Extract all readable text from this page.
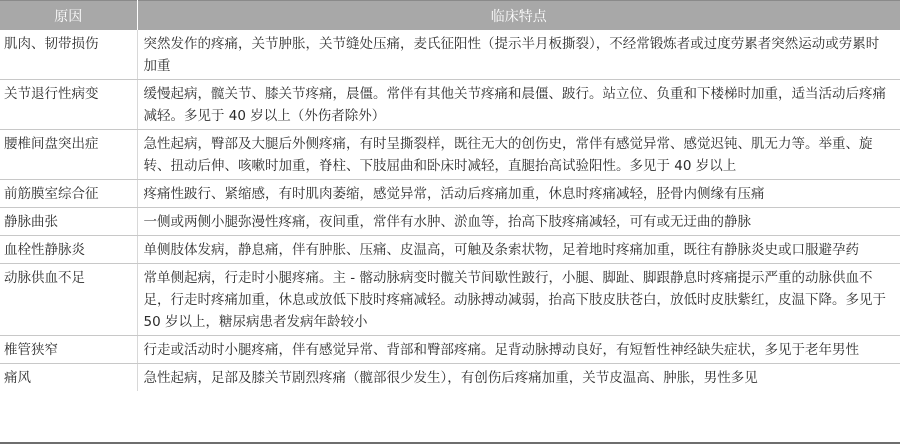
原因	临床特点
肌肉、韧带损伤	突然发作的疼痛，关节肿胀，关节缝处压痛，麦氏征阳性（提示半月板撕裂），不经常锻炼者或过度劳累者突然运动或劳累时加重
关节退行性病变	缓慢起病，髋关节、膝关节疼痛，晨僵。常伴有其他关节疼痛和晨僵、跛行。站立位、负重和下楼梯时加重，适当活动后疼痛减轻。多见于 40 岁以上（外伤者除外）
腰椎间盘突出症	急性起病，臀部及大腿后外侧疼痛，有时呈撕裂样，既往无大的创伤史，常伴有感觉异常、感觉迟钝、肌无力等。举重、旋转、扭动后伸、咳嗽时加重，脊柱、下肢屈曲和卧床时减轻，直腿抬高试验阳性。多见于 40 岁以上
前筋膜室综合征	疼痛性跛行、紧缩感，有时肌肉萎缩，感觉异常，活动后疼痛加重，休息时疼痛减轻，胫骨内侧缘有压痛
静脉曲张	一侧或两侧小腿弥漫性疼痛，夜间重，常伴有水肿、淤血等，抬高下肢疼痛减轻，可有或无迂曲的静脉
血栓性静脉炎	单侧肢体发病，静息痛，伴有肿胀、压痛、皮温高，可触及条索状物，足着地时疼痛加重，既往有静脉炎史或口服避孕药
动脉供血不足	常单侧起病，行走时小腿疼痛。主 - 髂动脉病变时髋关节间歇性跛行，小腿、脚趾、脚跟静息时疼痛提示严重的动脉供血不足，行走时疼痛加重，休息或放低下肢时疼痛减轻。动脉搏动减弱，抬高下肢皮肤苍白，放低时皮肤紫红，皮温下降。多见于 50 岁以上，糖尿病患者发病年龄较小
椎管狭窄	行走或活动时小腿疼痛，伴有感觉异常、背部和臀部疼痛。足背动脉搏动良好，有短暂性神经缺失症状，多见于老年男性
痛风	急性起病，足部及膝关节剧烈疼痛（髋部很少发生），有创伤后疼痛加重，关节皮温高、肿胀，男性多见
